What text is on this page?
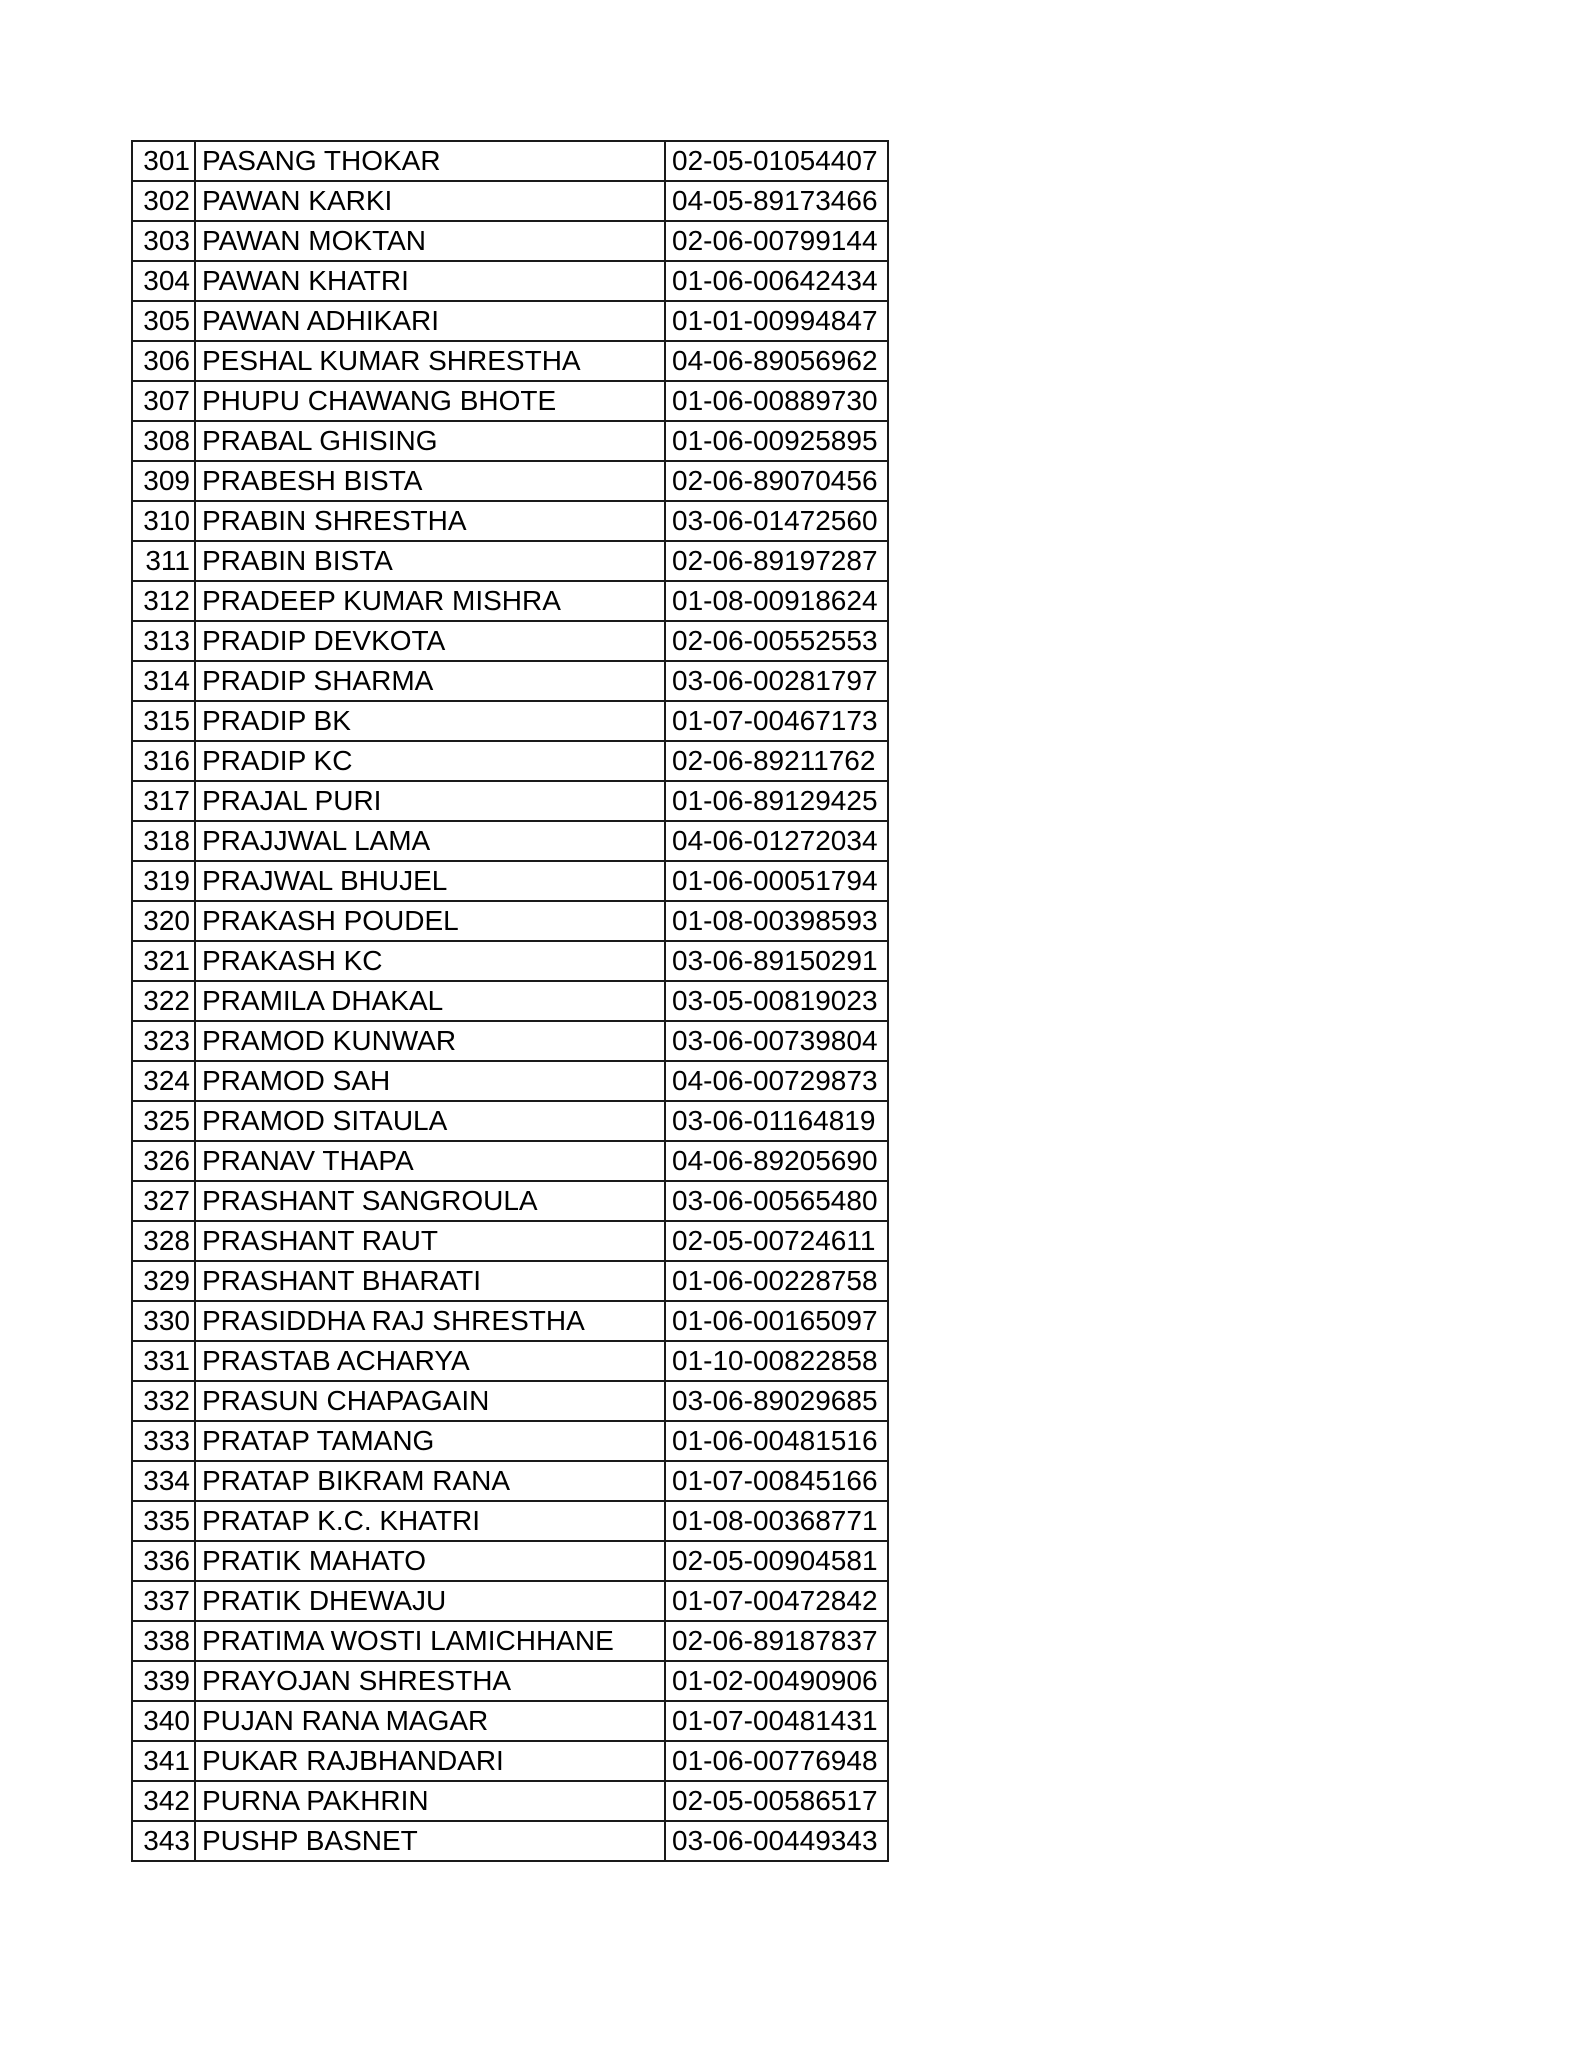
301	PASANG THOKAR	02-05-01054407
302	PAWAN KARKI	04-05-89173466
303	PAWAN MOKTAN	02-06-00799144
304	PAWAN KHATRI	01-06-00642434
305	PAWAN ADHIKARI	01-01-00994847
306	PESHAL KUMAR SHRESTHA	04-06-89056962
307	PHUPU CHAWANG BHOTE	01-06-00889730
308	PRABAL GHISING	01-06-00925895
309	PRABESH BISTA	02-06-89070456
310	PRABIN SHRESTHA	03-06-01472560
311	PRABIN BISTA	02-06-89197287
312	PRADEEP KUMAR MISHRA	01-08-00918624
313	PRADIP DEVKOTA	02-06-00552553
314	PRADIP SHARMA	03-06-00281797
315	PRADIP BK	01-07-00467173
316	PRADIP KC	02-06-89211762
317	PRAJAL PURI	01-06-89129425
318	PRAJJWAL LAMA	04-06-01272034
319	PRAJWAL BHUJEL	01-06-00051794
320	PRAKASH POUDEL	01-08-00398593
321	PRAKASH KC	03-06-89150291
322	PRAMILA DHAKAL	03-05-00819023
323	PRAMOD KUNWAR	03-06-00739804
324	PRAMOD SAH	04-06-00729873
325	PRAMOD SITAULA	03-06-01164819
326	PRANAV THAPA	04-06-89205690
327	PRASHANT SANGROULA	03-06-00565480
328	PRASHANT RAUT	02-05-00724611
329	PRASHANT BHARATI	01-06-00228758
330	PRASIDDHA RAJ SHRESTHA	01-06-00165097
331	PRASTAB ACHARYA	01-10-00822858
332	PRASUN CHAPAGAIN	03-06-89029685
333	PRATAP TAMANG	01-06-00481516
334	PRATAP BIKRAM RANA	01-07-00845166
335	PRATAP K.C. KHATRI	01-08-00368771
336	PRATIK MAHATO	02-05-00904581
337	PRATIK DHEWAJU	01-07-00472842
338	PRATIMA WOSTI LAMICHHANE	02-06-89187837
339	PRAYOJAN SHRESTHA	01-02-00490906
340	PUJAN RANA MAGAR	01-07-00481431
341	PUKAR RAJBHANDARI	01-06-00776948
342	PURNA PAKHRIN	02-05-00586517
343	PUSHP BASNET	03-06-00449343
